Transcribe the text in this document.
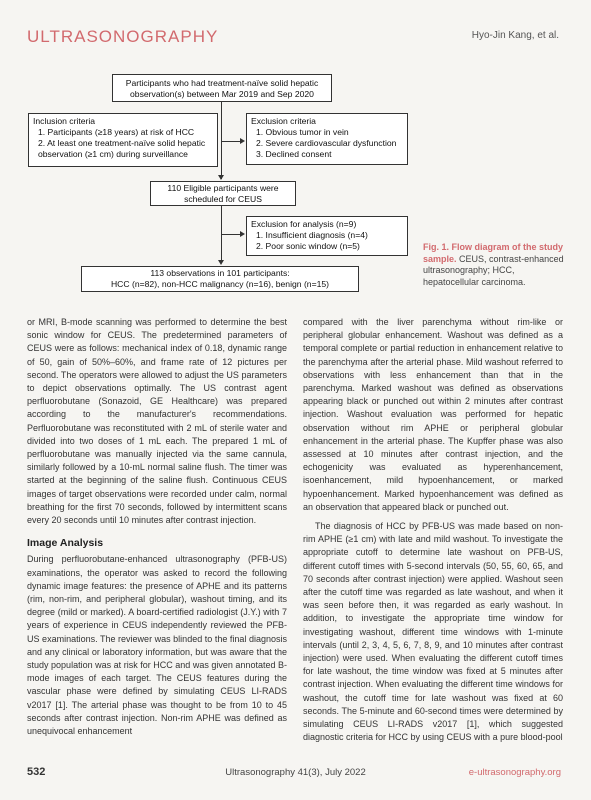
ULTRASONOGRAPHY	Hyo-Jin Kang, et al.
Participants who had treatment-naïve solid hepatic observation(s) between Mar 2019 and Sep 2020
Inclusion criteria
1. Participants (≥18 years) at risk of HCC
2. At least one treatment-naïve solid hepatic observation (≥1 cm) during surveillance
Exclusion criteria
1. Obvious tumor in vein
2. Severe cardiovascular dysfunction
3. Declined consent
110 Eligible participants were scheduled for CEUS
Exclusion for analysis (n=9)
1. Insufficient diagnosis (n=4)
2. Poor sonic window (n=5)
113 observations in 101 participants:
HCC (n=82), non-HCC malignancy (n=16), benign (n=15)
Fig. 1. Flow diagram of the study sample. CEUS, contrast-enhanced ultrasonography; HCC, hepatocellular carcinoma.

or MRI, B-mode scanning was performed to determine the best sonic window for CEUS. The predetermined parameters of CEUS were as follows: mechanical index of 0.18, dynamic range of 50, gain of 50%–60%, and frame rate of 12 pictures per second. The operators were allowed to adjust the US parameters to depict observations optimally. The US contrast agent perfluorobutane (Sonazoid, GE Healthcare) was prepared according to the manufacturer's recommendations. Perfluorobutane was reconstituted with 2 mL of sterile water and divided into two doses of 1 mL each. The prepared 1 mL of perfluorobutane was manually injected via the same cannula, similarly followed by a 10-mL normal saline flush. The timer was started at the beginning of the saline flush. Continuous CEUS images of target observations were recorded under calm, normal breathing for the first 70 seconds, followed by intermittent scans every 20 seconds until 10 minutes after contrast injection.

Image Analysis

During perfluorobutane-enhanced ultrasonography (PFB-US) examinations, the operator was asked to record the following dynamic image features: the presence of APHE and its patterns (rim, non-rim, and peripheral globular), washout timing, and its degree (mild or marked). A board-certified radiologist (J.Y.) with 7 years of experience in CEUS independently reviewed the PFB-US examinations. The reviewer was blinded to the final diagnosis and any clinical or laboratory information, but was aware that the study population was at risk for HCC and was given annotated B-mode images of each target. The CEUS features during the vascular phase were defined by simulating CEUS LI-RADS v2017 [1]. The arterial phase was thought to be from 10 to 45 seconds after contrast injection. Non-rim APHE was defined as unequivocal enhancement

compared with the liver parenchyma without rim-like or peripheral globular enhancement. Washout was defined as a temporal complete or partial reduction in enhancement relative to the parenchyma after the arterial phase. Mild washout referred to observations with less enhancement than that in the parenchyma. Marked washout was defined as observations appearing black or punched out within 2 minutes after contrast injection. Washout evaluation was performed for hepatic observation without rim APHE or peripheral globular enhancement in the arterial phase. The Kupffer phase was also assessed at 10 minutes after contrast injection, and the echogenicity was evaluated as hyperenhancement, isoenhancement, mild hypoenhancement, or marked hypoenhancement. Marked hypoenhancement was defined as an observation that appeared black or punched out.

The diagnosis of HCC by PFB-US was made based on non-rim APHE (≥1 cm) with late and mild washout. To investigate the appropriate cutoff to determine late washout on PFB-US, different cutoff times with 5-second intervals (50, 55, 60, 65, and 70 seconds after contrast injection) were applied. Washout seen after the cutoff time was regarded as late washout, and when it was seen before then, it was regarded as early washout. In addition, to investigate the appropriate time window for investigating washout, different time windows with 1-minute intervals (until 2, 3, 4, 5, 6, 7, 8, 9, and 10 minutes after contrast injection) were used. When evaluating the different cutoff times for late washout, the time window was fixed at 5 minutes after contrast injection. When evaluating the different time windows for washout, the cutoff time for late washout was fixed at 60 seconds. The 5-minute and 60-second times were determined by simulating CEUS LI-RADS v2017 [1], which suggested diagnostic criteria for HCC by using CEUS with a pure blood-pool

532	Ultrasonography 41(3), July 2022	e-ultrasonography.org
